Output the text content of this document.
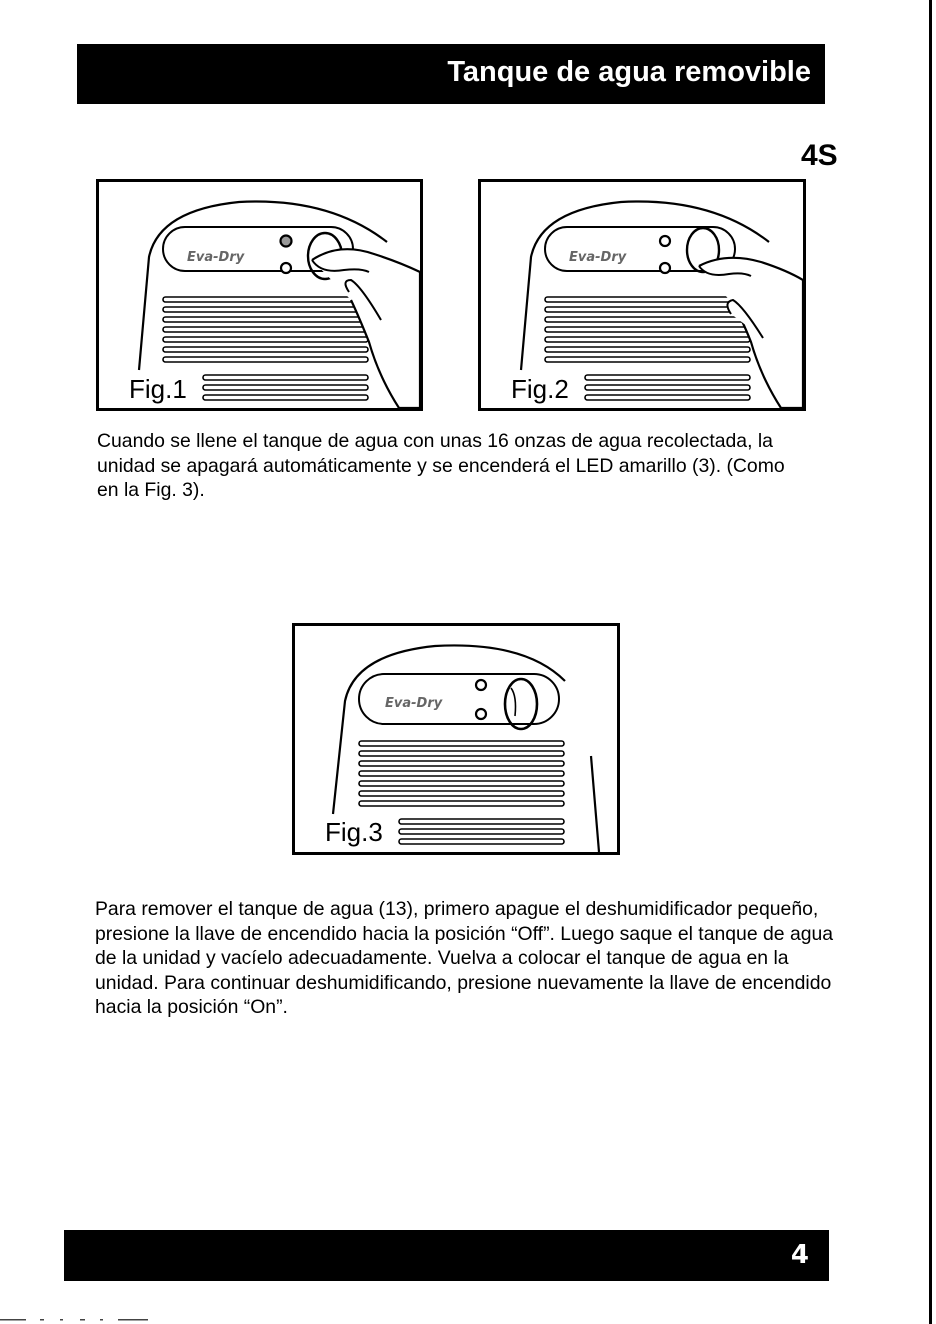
Tanque de agua removible
4S
Eva-Dry
Fig.1
Eva-Dry
Fig.2
Cuando se llene el tanque de agua con unas 16 onzas de agua recolectada, la unidad se apagará automáticamente y se encenderá el LED amarillo (3). (Como en la Fig. 3).
Eva-Dry
Fig.3
Para remover el tanque de agua (13), primero apague el deshumidificador pequeño, presione la llave de encendido hacia la posición “Off”. Luego saque el tanque de agua de la unidad y vacíelo adecuadamente. Vuelva a colocar el tanque de agua en la unidad. Para continuar deshumidificando, presione nuevamente la llave de encendido hacia la posición “On”.
4
